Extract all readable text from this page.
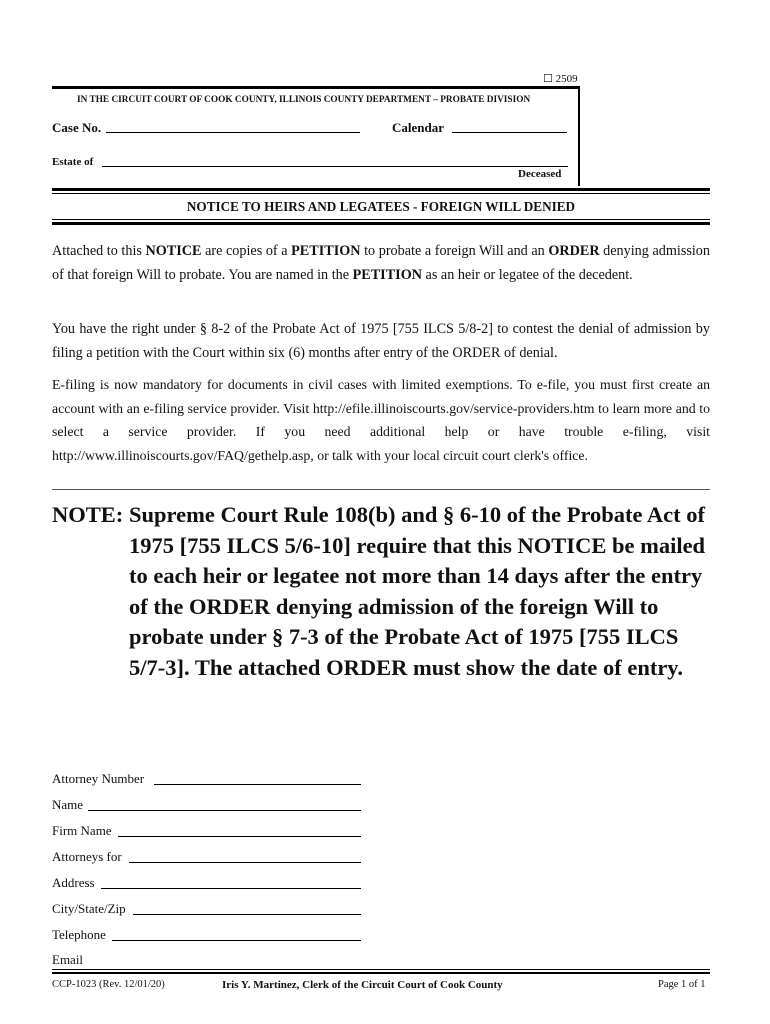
☐ 2509
IN THE CIRCUIT COURT OF COOK COUNTY, ILLINOIS COUNTY DEPARTMENT – PROBATE DIVISION
Case No.	Calendar
Estate of
Deceased
NOTICE TO HEIRS AND LEGATEES - FOREIGN WILL DENIED
Attached to this NOTICE are copies of a PETITION to probate a foreign Will and an ORDER denying admission of that foreign Will to probate. You are named in the PETITION as an heir or legatee of the decedent.
You have the right under § 8-2 of the Probate Act of 1975 [755 ILCS 5/8-2] to contest the denial of admission by filing a petition with the Court within six (6) months after entry of the ORDER of denial.
E-filing is now mandatory for documents in civil cases with limited exemptions. To e-file, you must first create an account with an e-filing service provider. Visit http://efile.illinoiscourts.gov/service-providers.htm to learn more and to select a service provider. If you need additional help or have trouble e-filing, visit http://www.illinoiscourts.gov/FAQ/gethelp.asp, or talk with your local circuit court clerk's office.
NOTE: Supreme Court Rule 108(b) and § 6-10 of the Probate Act of 1975 [755 ILCS 5/6-10] require that this NOTICE be mailed to each heir or legatee not more than 14 days after the entry of the ORDER denying admission of the foreign Will to probate under § 7-3 of the Probate Act of 1975 [755 ILCS 5/7-3]. The attached ORDER must show the date of entry.
Attorney Number
Name
Firm Name
Attorneys for
Address
City/State/Zip
Telephone
Email
CCP-1023 (Rev. 12/01/20)	Iris Y. Martinez, Clerk of the Circuit Court of Cook County	Page 1 of 1
